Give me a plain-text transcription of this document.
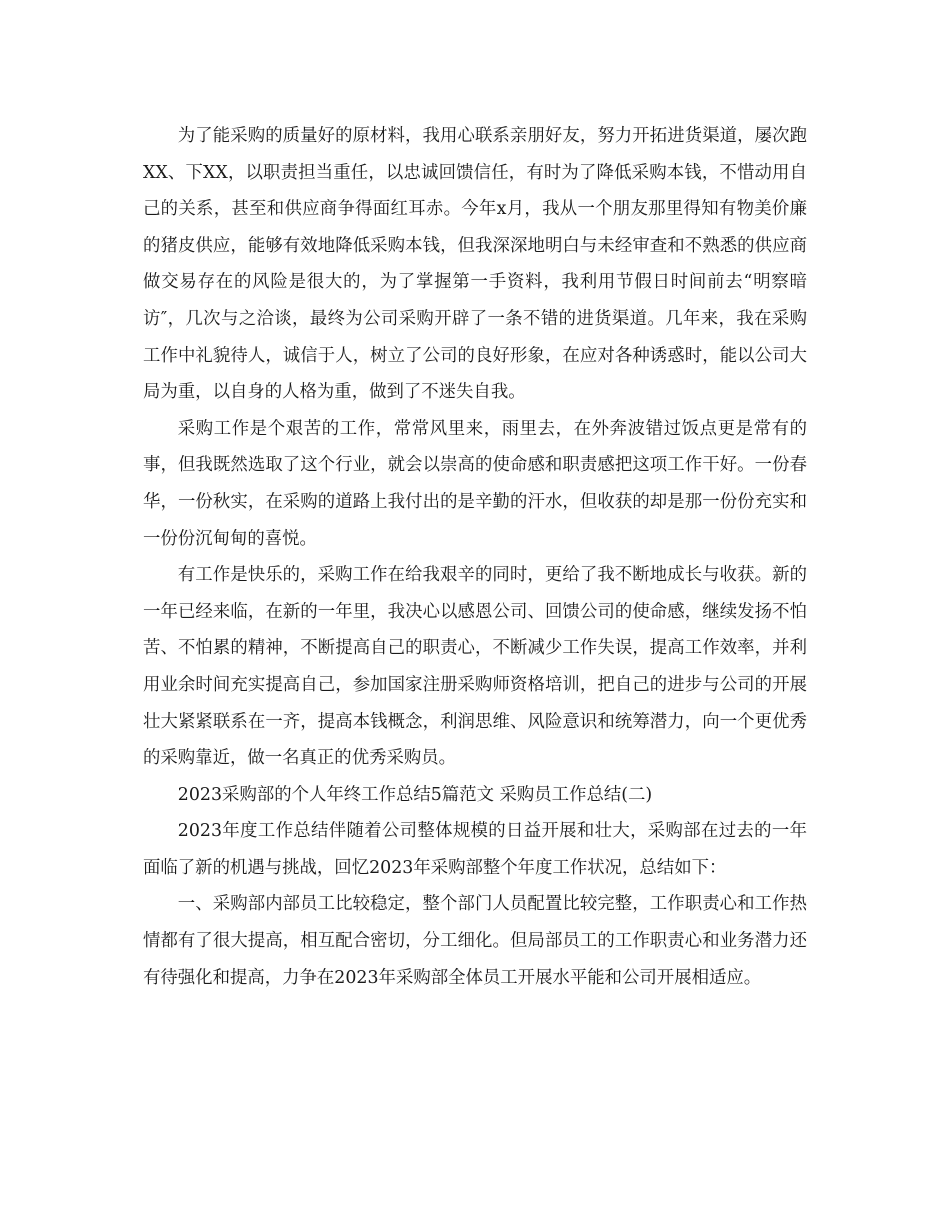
为了能采购的质量好的原材料，我用心联系亲朋好友，努力开拓进货渠道，屡次跑XX、下XX，以职责担当重任，以忠诚回馈信任，有时为了降低采购本钱，不惜动用自己的关系，甚至和供应商争得面红耳赤。今年x月，我从一个朋友那里得知有物美价廉的猪皮供应，能够有效地降低采购本钱，但我深深地明白与未经审查和不熟悉的供应商做交易存在的风险是很大的，为了掌握第一手资料，我利用节假日时间前去“明察暗访″，几次与之洽谈，最终为公司采购开辟了一条不错的进货渠道。几年来，我在采购工作中礼貌待人，诚信于人，树立了公司的良好形象，在应对各种诱惑时，能以公司大局为重，以自身的人格为重，做到了不迷失自我。

采购工作是个艰苦的工作，常常风里来，雨里去，在外奔波错过饭点更是常有的事，但我既然选取了这个行业，就会以崇高的使命感和职责感把这项工作干好。一份春华，一份秋实，在采购的道路上我付出的是辛勤的汗水，但收获的却是那一份份充实和一份份沉甸甸的喜悦。

有工作是快乐的，采购工作在给我艰辛的同时，更给了我不断地成长与收获。新的一年已经来临，在新的一年里，我决心以感恩公司、回馈公司的使命感，继续发扬不怕苦、不怕累的精神，不断提高自己的职责心，不断减少工作失误，提高工作效率，并利用业余时间充实提高自己，参加国家注册采购师资格培训，把自己的进步与公司的开展壮大紧紧联系在一齐，提高本钱概念，利润思维、风险意识和统筹潜力，向一个更优秀的采购靠近，做一名真正的优秀采购员。

2023采购部的个人年终工作总结5篇范文 采购员工作总结(二)

2023年度工作总结伴随着公司整体规模的日益开展和壮大，采购部在过去的一年面临了新的机遇与挑战，回忆2023年采购部整个年度工作状况，总结如下：

一、采购部内部员工比较稳定，整个部门人员配置比较完整，工作职责心和工作热情都有了很大提高，相互配合密切，分工细化。但局部员工的工作职责心和业务潜力还有待强化和提高，力争在2023年采购部全体员工开展水平能和公司开展相适应。
